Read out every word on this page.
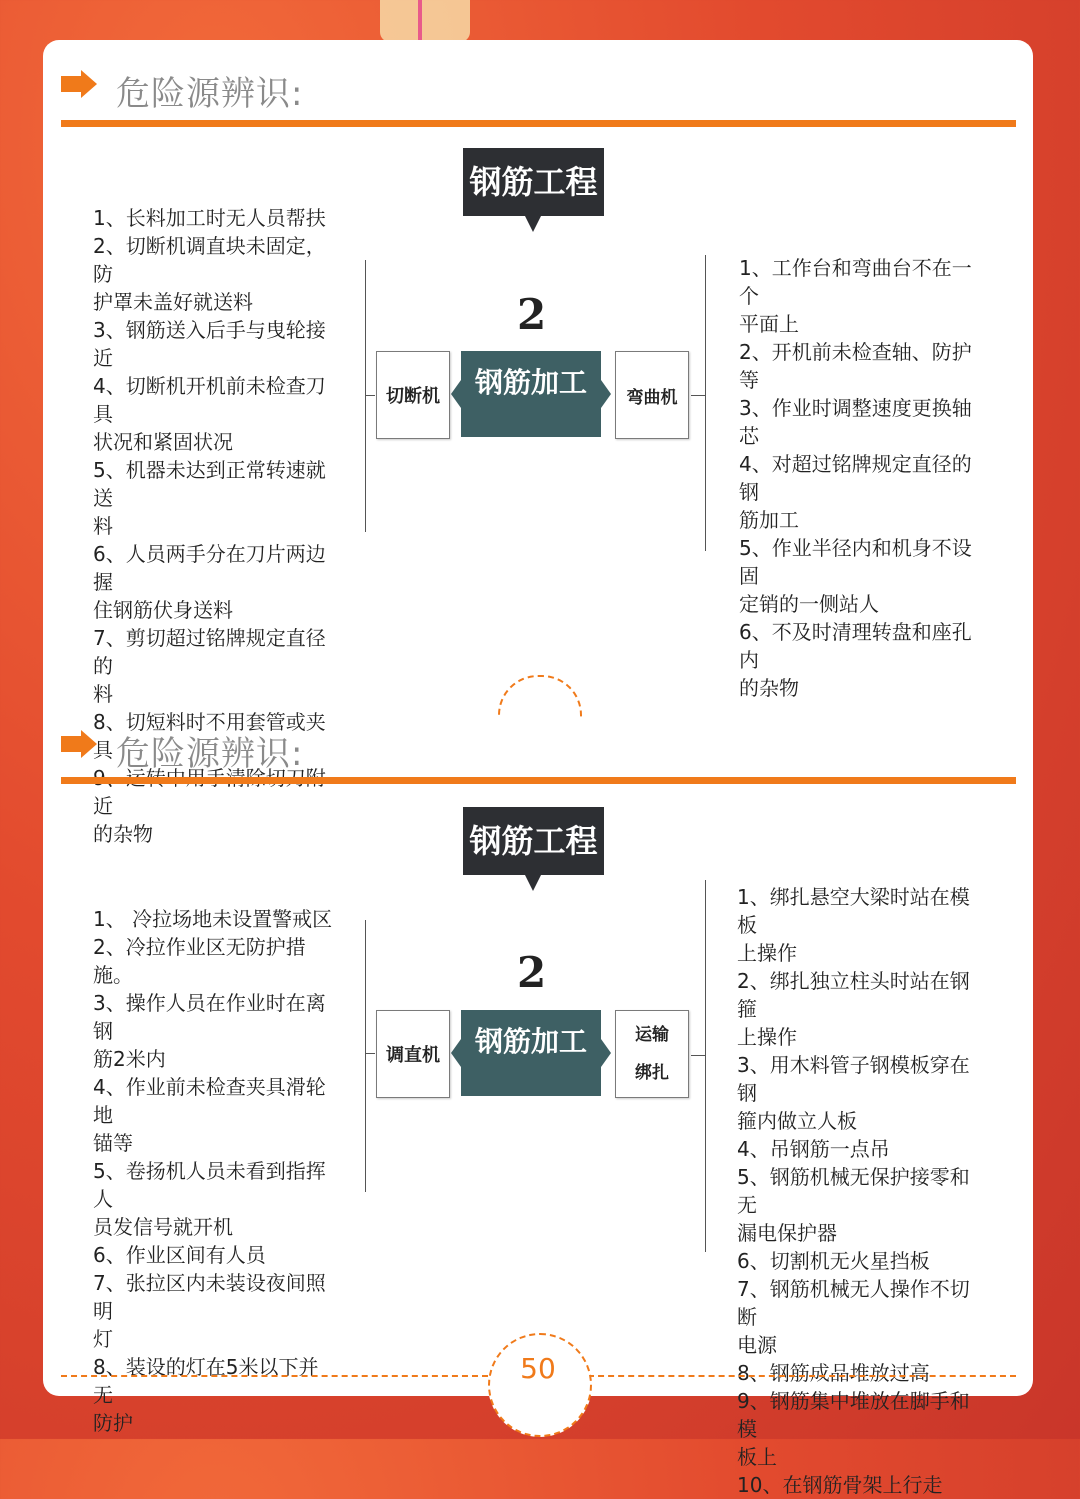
危险源辨识:
钢筋工程
2
切断机	钢筋加工	弯曲机
1、长料加工时无人员帮扶
2、切断机调直块未固定，防
护罩未盖好就送料
3、钢筋送入后手与曳轮接近
4、切断机开机前未检查刀具
状况和紧固状况
5、机器未达到正常转速就送
料
6、人员两手分在刀片两边握
住钢筋伏身送料
7、剪切超过铭牌规定直径的
料
8、切短料时不用套管或夹具
近
的杂物
1、工作台和弯曲台不在一个
平面上
2、开机前未检查轴、防护等
3、作业时调整速度更换轴芯
4、对超过铭牌规定直径的钢
筋加工
5、作业半径内和机身不设固
定销的一侧站人
6、不及时清理转盘和座孔内
的杂物
危险源辨识:
钢筋工程
2
调直机	钢筋加工	运输
绑扎
1、 冷拉场地未设置警戒区
2、冷拉作业区无防护措施。
3、操作人员在作业时在离钢
筋2米内
4、作业前未检查夹具滑轮地
锚等
5、卷扬机人员未看到指挥人
员发信号就开机
6、作业区间有人员
7、张拉区内未装设夜间照明
灯
8、装设的灯在5米以下并无
防护
1、绑扎悬空大梁时站在模板
上操作
2、绑扎独立柱头时站在钢箍
上操作
3、用木料管子钢模板穿在钢
箍内做立人板
4、吊钢筋一点吊
5、钢筋机械无保护接零和无
漏电保护器
6、切割机无火星挡板
7、钢筋机械无人操作不切断
电源
8、钢筋成品堆放过高
9、钢筋集中堆放在脚手和模
板上
10、在钢筋骨架上行走
50
